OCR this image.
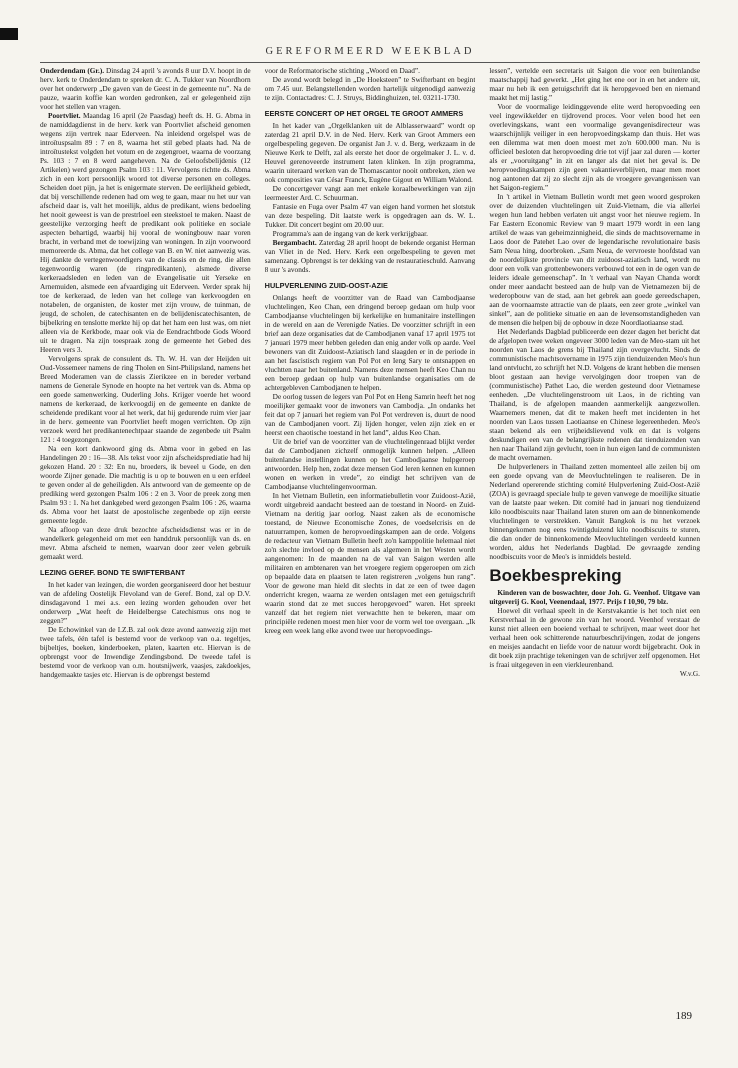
GEREFORMEERD WEEKBLAD

Onderdendam (Gr.). Dinsdag 24 april 's avonds 8 uur D.V. hoopt in de herv. kerk te Onderdendam te spreken dr. C. A. Tukker van Noordhorn over het onderwerp „De gaven van de Geest in de gemeente nu”. Na de pauze, waarin koffie kan worden gedronken, zal er gelegenheid zijn voor het stellen van vragen.

Poortvliet. Maandag 16 april (2e Paasdag) heeft ds. H. G. Abma in de namiddagdienst in de herv. kerk van Poortvliet afscheid genomen wegens zijn vertrek naar Ederveen. Na inleidend orgelspel was de introïtuspsalm 89 : 7 en 8, waarna het stil gebed plaats had. Na de introïtustekst volgden het votum en de zegengroet, waarna de voorzang Ps. 103 : 7 en 8 werd aangeheven. Na de Geloofsbelijdenis (12 Artikelen) werd gezongen Psalm 103 : 11. Vervolgens richtte ds. Abma zich in een kort persoonlijk woord tot diverse personen en colleges. Scheiden doet pijn, ja het is enigermate sterven. De eerlijkheid gebiedt, dat bij verschillende redenen had om weg te gaan, maar nu het uur van afscheid daar is, valt het moeilijk, aldus de predikant, wiens bedoeling het nooit geweest is van de prestrloel een steekstoel te maken. Naast de geestelijke verzorging heeft de predikant ook politieke en sociale aspecten behartigd, waarbij hij vooral de woningbouw naar voren bracht, in verband met de toewijzing van woningen. In zijn voorwoord memoreerde ds. Abma, dat het college van B. en W. niet aanwezig was. Hij dankte de vertegenwoordigers van de classis en de ring, die allen tegenwoordig waren (de ringpredikanten), alsmede diverse kerkeraadsleden en leden van de Evangelisatie uit Yerseke en Arnemuiden, alsmede een afvaardiging uit Ederveen. Verder sprak hij toe de kerkeraad, de leden van het college van kerkvoogden en notabelen, de organisten, de koster met zijn vrouw, de tuinman, de jeugd, de scholen, de catechisanten en de belijdeniscatechisanten, de bijbelkring en tenslotte merkte hij op dat het ham een lust was, om niet alleen via de Kerkbode, maar ook via de Eendrachtbode Gods Woord uit te dragen. Na zijn toespraak zong de gemeente het Gebed des Heeren vers 3.

Vervolgens sprak de consulent ds. Th. W. H. van der Heijden uit Oud-Vossemeer namens de ring Tholen en Sint-Philipsland, namens het Breed Moderamen van de classis Zierikzee en in bereder verband namens de Generale Synode en hoopte na het vertrek van ds. Abma op een goede samenwerking. Ouderling Johs. Krijger voerde het woord namens de kerkeraad, de kerkvoogdij en de gemeente en dankte de scheidende predikant voor al het werk, dat hij gedurende ruim vier jaar in de herv. gemeente van Poortvliet heeft mogen verrichten. Op zijn verzoek werd het predikantenechtpaar staande de zegenbede uit Psalm 121 : 4 toegezongen.

Na een kort dankwoord ging ds. Abma voor in gebed en las Handelingen 20 : 16—38. Als tekst voor zijn afscheidsprediatie had hij gekozen Hand. 20 : 32: En nu, broeders, ik beveel u Gode, en den woorde Zijner genade. Die machtig is u op te bouwen en u een erfdeel te geven onder al de geheiligden. Als antwoord van de gemeente op de prediking werd gezongen Psalm 106 : 2 en 3. Voor de preek zong men Psalm 93 : 1. Na het dankgebed werd gezongen Psalm 106 : 26, waarna ds. Abma voor het laatst de apostolische zegenbede op zijn eerste gemeente legde.

Na afloop van deze druk bezochte afscheidsdienst was er in de wandelkerk gelegenheid om met een handdruk persoonlijk van ds. en mevr. Abma afscheid te nemen, waarvan door zeer velen gebruik gemaakt werd.

LEZING GEREF. BOND TE SWIFTERBANT

In het kader van lezingen, die worden georganiseerd door het bestuur van de afdeling Oostelijk Flevoland van de Geref. Bond, zal op D.V. dinsdagavond 1 mei a.s. een lezing worden gehouden over het onderwerp „Wat heeft de Heidelbergse Catechismus ons nog te zeggen?”

De Echowinkel van de I.Z.B. zal ook deze avond aanwezig zijn met twee tafels, één tafel is bestemd voor de verkoop van o.a. tegeltjes, bijbeltjes, boeken, kinderboeken, platen, kaarten etc. Hiervan is de opbrengst voor de Inwendige Zendingsbond. De tweede tafel is bestemd voor de verkoop van o.m. houtsnijwerk, vaasjes, zakdoekjes, handgemaakte tasjes etc. Hiervan is de opbrengst bestemd

voor de Reformatorische stichting „Woord en Daad”.

De avond wordt belegd in „De Hoeksteen” te Swifterbant en begint om 7.45 uur. Belangstellenden worden hartelijk uitgenodigd aanwezig te zijn. Contactadres: C. J. Struys, Biddinghuizen, tel. 03211-1730.

EERSTE CONCERT OP HET ORGEL TE GROOT AMMERS

In het kader van „Orgelklanken uit de Alblasserwaard” wordt op zaterdag 21 april D.V. in de Ned. Herv. Kerk van Groot Ammers een orgelbespeling gegeven. De organist Jan J. v. d. Berg, werkzaam in de Nieuwe Kerk te Delft, zal als eerste het door de orgelmaker J. L. v. d. Heuvel gerenoveerde instrument laten klinken. In zijn programma, waarin uiteraard werken van de Thomascantor nooit ontbreken, zien we ook composities van César Franck, Eugène Gigout en William Walond.

De concertgever vangt aan met enkele koraalbewerkingen van zijn leermeester Ard. C. Schuurman.

Fantasie en Fuga over Psalm 47 van eigen hand vormen het slotstuk van deze bespeling. Dit laatste werk is opgedragen aan ds. W. L. Tukker. Dit concert begint om 20.00 uur.

Programma's aan de ingang van de kerk verkrijgbaar.

Bergambacht. Zaterdag 28 april hoopt de bekende organist Herman van Vliet in de Ned. Herv. Kerk een orgelbespeling te geven met samenzang. Opbrengst is ter dekking van de restauratieschuld. Aanvang 8 uur 's avonds.

HULPVERLENING ZUID-OOST-AZIE

Onlangs heeft de voorzitter van de Raad van Cambodjaanse vluchtelingen, Keo Chan, een dringend beroep gedaan om hulp voor Cambodjaanse vluchtelingen bij kerkelijke en humanitaire instellingen in de wereld en aan de Verenigde Naties. De voorzitter schrijft in een brief aan deze organisaties dat de Cambodjanen vanaf 17 april 1975 tot 7 januari 1979 meer hebben geleden dan enig ander volk op aarde. Veel bewoners van dit Zuidoost-Aziatisch land slaagden er in de periode in aan het fascistisch regiem van Pol Pot en Ieng Sary te ontsnappen en vluchtten naar het buitenland. Namens deze mensen heeft Keo Chan nu een beroep gedaan op hulp van buitenlandse organisaties om de achtergebleven Cambodjanen te helpen.

De oorlog tussen de legers van Pol Pot en Heng Samrin heeft het nog moeilijker gemaakt voor de inwoners van Cambodja. „In ondanks het feit dat op 7 januari het regiem van Pol Pot verdreven is, duurt de nood van de Cambodjanen voort. Zij lijden honger, velen zijn ziek en er heerst een chaotische toestand in het land”, aldus Keo Chan.

Uit de brief van de voorzitter van de vluchtelingenraad blijkt verder dat de Cambodjanen zichzelf onmogelijk kunnen helpen. „Alleen buitenlandse instellingen kunnen op het Cambodjaanse hulpgeroep antwoorden. Help hen, zodat deze mensen God leren kennen en kunnen wonen en werken in vrede”, zo eindigt het schrijven van de Cambodjaanse vluchtelingenvoorman.

In het Vietnam Bulletin, een informatiebulletin voor Zuidoost-Azië, wordt uitgebreid aandacht besteed aan de toestand in Noord- en Zuid-Vietnam na deritig jaar oorlog. Naast zaken als de economische toestand, de Nieuwe Economische Zones, de voedselcrisis en de natuurrampen, komen de heropvoedingskampen aan de orde. Volgens de redacteur van Vietnam Bulletin heeft zo'n kamppolitie helemaal niet zo'n slechte invloed op de mensen als algemeen in het Westen wordt aangenomen: In de maanden na de val van Saigon werden alle militairen en ambtenaren van het vroegere regiem opgeroepen om zich op bepaalde data en plaatsen te laten registreren „volgens hun rang”. Voor de gewone man hield dit slechts in dat ze een of twee dagen onderricht kregen, waarna ze werden ontslagen met een getuigschrift waarin stond dat ze met succes heropgevoed” waren. Het spreekt vanzelf dat het regiem niet verwachtte hen te bekeren, maar om principiële redenen moest men hier voor de vorm wel toe overgaan. „Ik kreeg een week lang elke avond twee uur heropvoedings-

lessen”, vertelde een secretaris uit Saigon die voor een buitenlandse maatschappij had gewerkt. „Het ging het ene oor in en het andere uit, maar nu heb ik een getuigschrift dat ik heropgevoed ben en niemand maakt het mij lastig.”

Voor de voormalige leidinggevende elite werd heropvoeding een veel ingewikkelder en tijdrovend proces. Voor velen bood het een overlevingskans, want een voormalige gevangenisdirecteur was waarschijnlijk veiliger in een heropvoedingskamp dan thuis. Het was een dilemma wat men doen moest met zo'n 600.000 man. Nu is officieel besloten dat heropvoeding drie tot vijf jaar zal duren — korter als er „vooruitgang” in zit en langer als dat niet het geval is. De heropvoedingskampen zijn geen vakantieverblijven, maar men moet nog aantonen dat zij zo slecht zijn als de vroegere gevangenissen van het Saigon-regiem.”

In 't artikel in Vietnam Bulletin wordt met geen woord gesproken over de duizenden vluchtelingen uit Zuid-Vietnam, die via allerlei wegen hun land hebben verlaten uit angst voor het nieuwe regiem. In Far Eastern Economic Review van 9 maart 1979 wordt in een lang artikel de waas van geheimzinnigheid, die sinds de machtsovername in Laos door de Patehet Lao over de legendarische revolutionaire basis Sam Neua hing, doorbroken. „Sam Neua, de vervroeste hoofdstad van de noordelijkste provincie van dit zuidoost-aziatisch land, wordt nu door een volk van grottenbewoners verbouwd tot een in de ogen van de leiders ideale gemeenschap”. In 't verhaal van Nayan Chanda wordt onder meer aandacht besteed aan de hulp van de Vietnamezen bij de wederopbouw van de stad, aan het gebrek aan goede gereedschapen, aan de voornaamste attractie van de plaats, een zeer grote „winkel van sinkel”, aan de politieke situatie en aan de levensomstandigheden van de mensen die helpen bij de opbouw in deze Noordlaotiaanse stad.

Het Nederlands Dagblad publiceerde een dezer dagen het bericht dat de afgelopen twee weken ongeveer 3000 leden van de Meo-stam uit het noorden van Laos de grens bij Thailand zijn overgevlucht. Sinds de communistische machtsovername in 1975 zijn tienduizenden Meo's hun land ontvlucht, zo schrijft het N.D. Volgens de krant hebben die mensen bloot gestaan aan hevige vervolgingen door troepen van de (communistische) Pathet Lao, die werden gesteund door Vietnamese eenheden. „De vluchtelingenstroom uit Laos, in de richting van Thailand, is de afgelopen maanden aanmerkelijk aangezwollen. Waarnemers menen, dat dit te maken heeft met incidenten in het noorden van Laos tussen Laotiaanse en Chinese legereenheden. Meo's staan bekend als een vrijheidslievend volk en dat is volgens deskundigen een van de belangrijkste redenen dat tienduizenden van hen naar Thailand zijn gevlucht, toen in hun eigen land de communisten de macht overnamen.

De hulpverleners in Thailand zetten momenteel alle zeilen bij om een goede opvang van de Meovluchtelingen te realiseren. De in Nederland opererende stichting comité Hulpverlening Zuid-Oost-Azië (ZOA) is gevraagd speciale hulp te geven vanwege de moeilijke situatie van de laatste paar weken. Dit comité had in januari nog tienduizend kilo noodbiscuits naar Thailand laten sturen om aan de binnenkomende vluchtelingen te verstrekken. Vanuit Bangkok is nu het verzoek binnengekomen nog eens twintigduizend kilo noodbiscuits te sturen, die dan onder de binnenkomende Meovluchtelingen verdeeld kunnen worden, aldus het Nederlands Dagblad. De gevraagde zending noodbiscuits voor de Meo's is inmiddels besteld.

Boekbespreking

Kinderen van de boswachter, door Joh. G. Veenhof. Uitgave van uitgeverij G. Kool, Veenendaal, 1977. Prijs f 10,90, 79 blz.

Hoewel dit verhaal speelt in de Kerstvakantie is het toch niet een Kerstverhaal in de gewone zin van het woord. Veenhof verstaat de kunst niet alleen een boeiend verhaal te schrijven, maar weet door het verhaal heen ook schitterende natuurbeschrijvingen, zodat de jongens en meisjes aandacht en liefde voor de natuur wordt bijgebracht. Ook in dit boek zijn prachtige tekeningen van de schrijver zelf opgenomen. Het is fraai uitgegeven in een vierkleurenband.

W.v.G.

189
